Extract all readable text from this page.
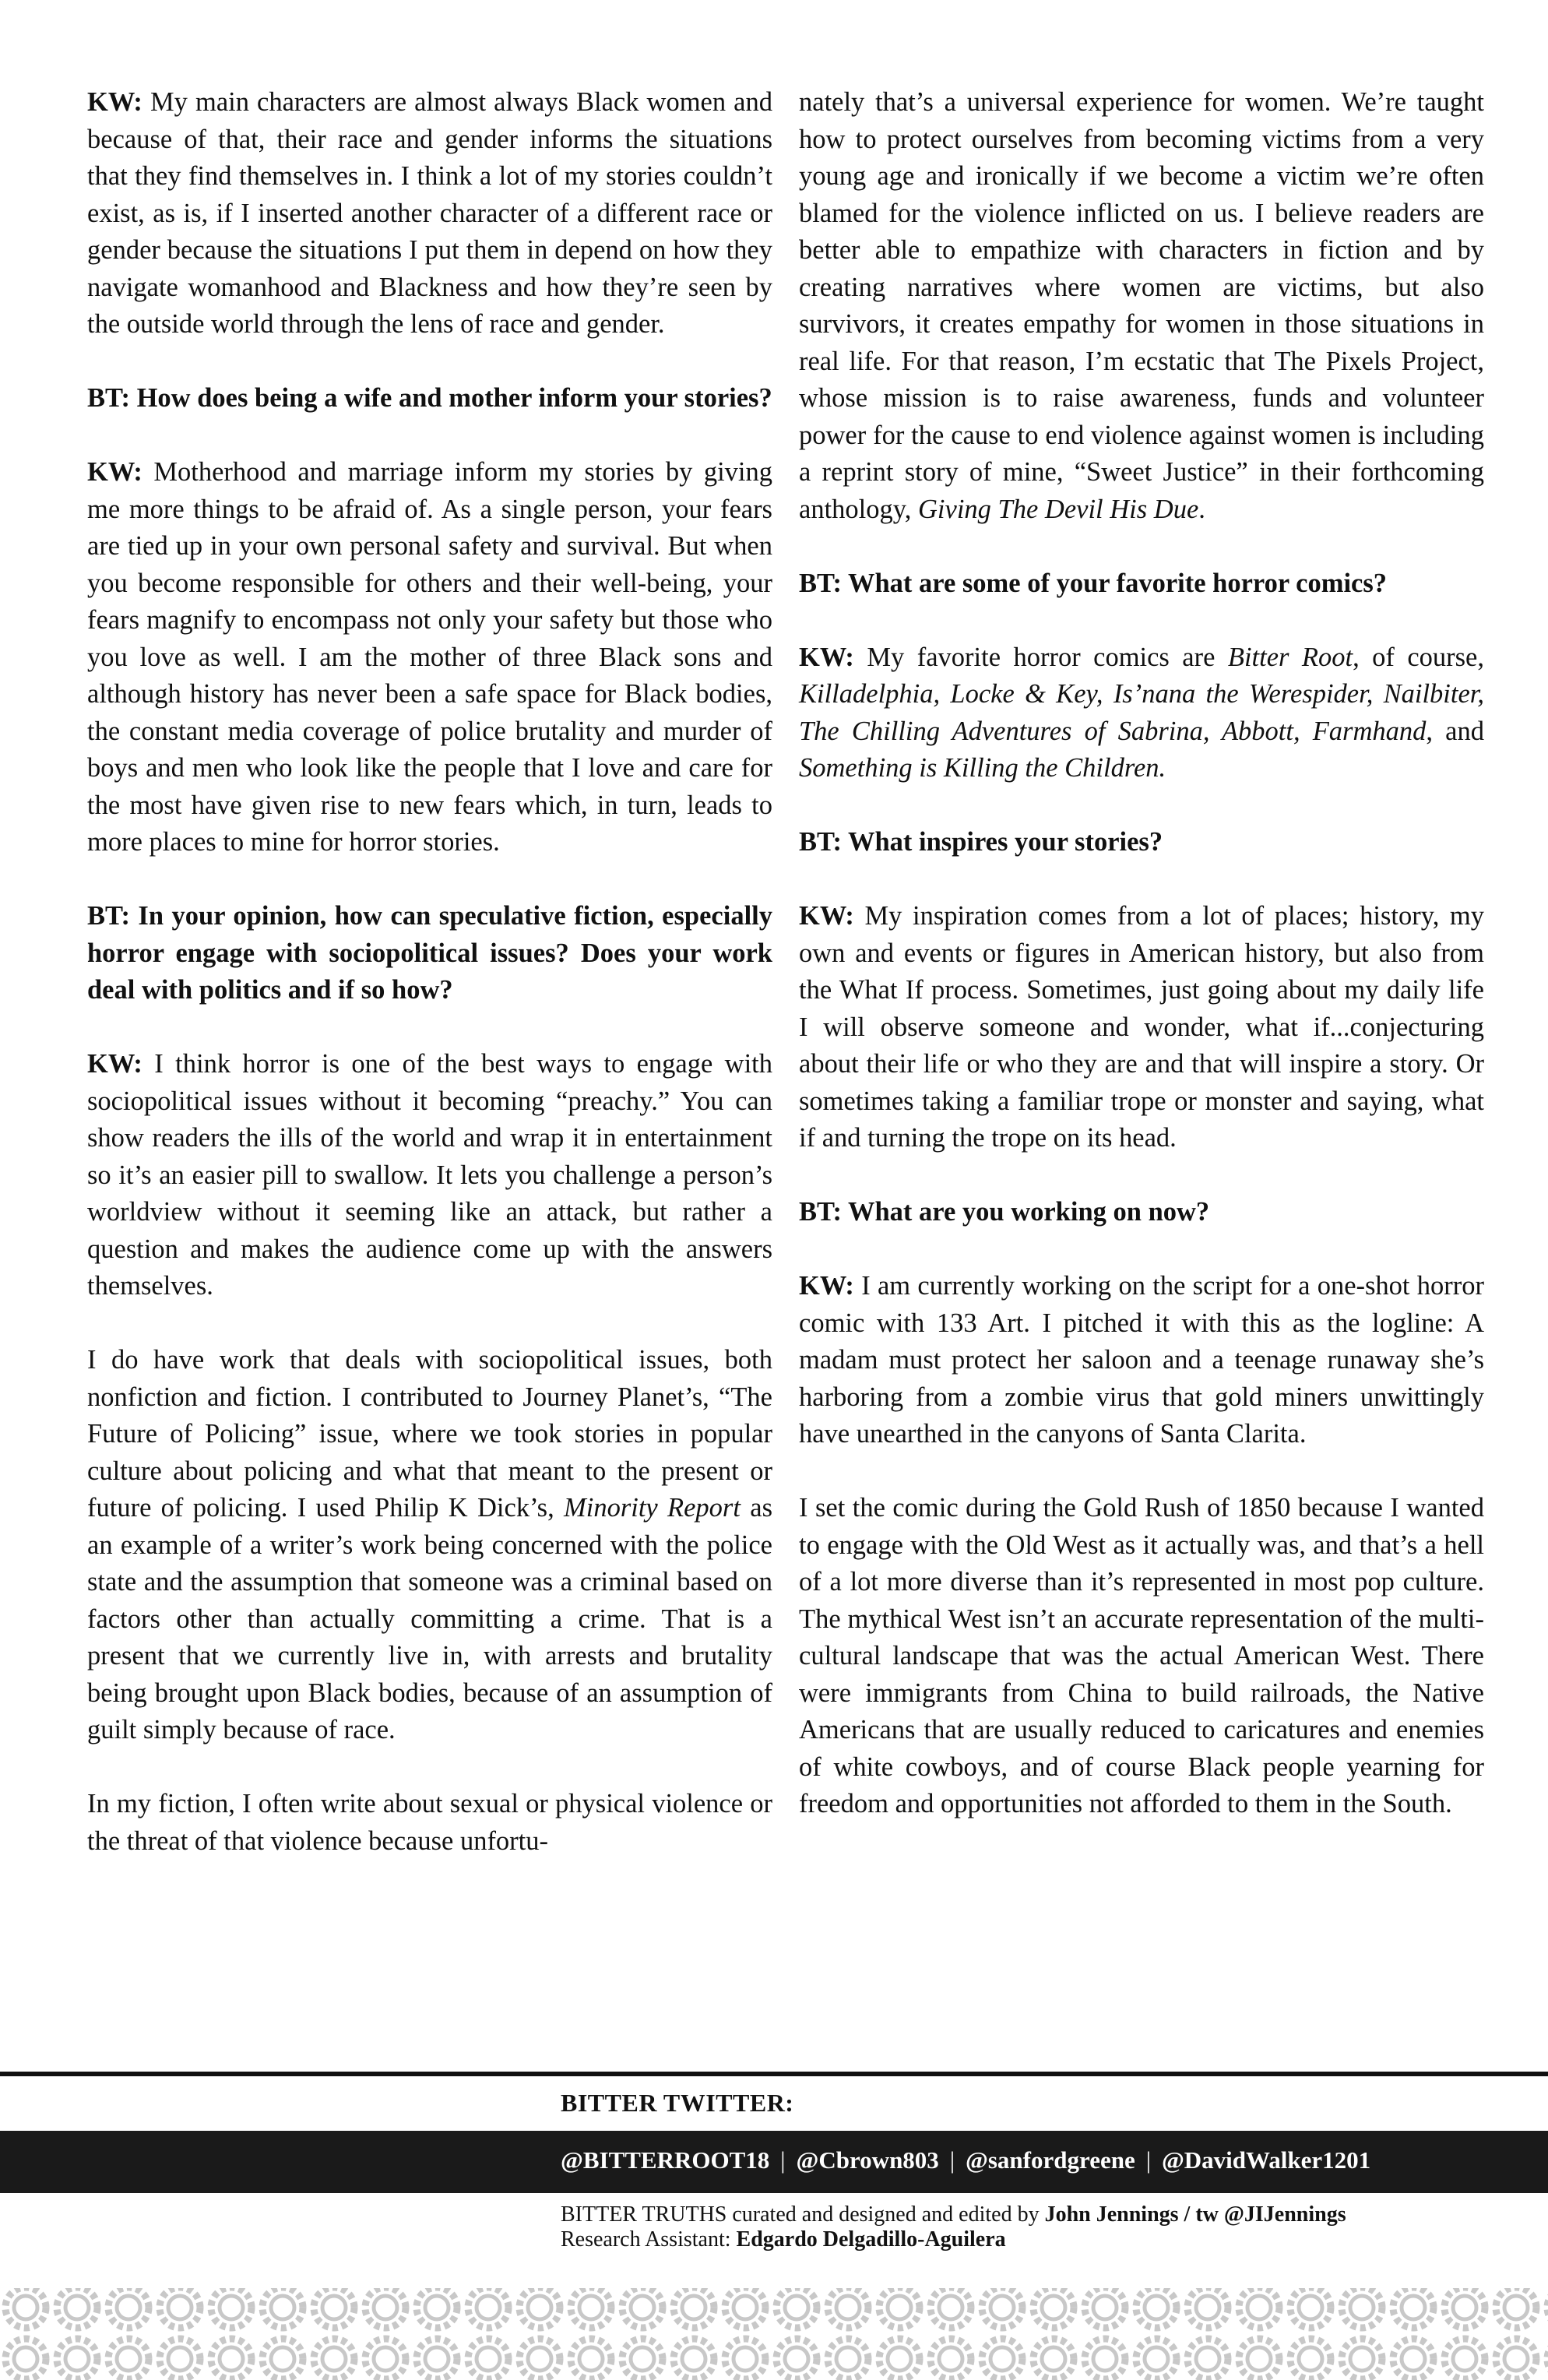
KW: My main characters are almost always Black women and because of that, their race and gender informs the situations that they find themselves in. I think a lot of my stories couldn’t exist, as is, if I inserted another character of a different race or gender because the situations I put them in depend on how they navigate womanhood and Blackness and how they’re seen by the outside world through the lens of race and gender.

BT: How does being a wife and mother inform your stories?

KW: Motherhood and marriage inform my stories by giving me more things to be afraid of. As a single person, your fears are tied up in your own personal safety and survival. But when you become responsible for others and their well-being, your fears magnify to encompass not only your safety but those who you love as well. I am the mother of three Black sons and although history has never been a safe space for Black bodies, the constant media coverage of police brutality and murder of boys and men who look like the people that I love and care for the most have given rise to new fears which, in turn, leads to more places to mine for horror stories.

BT: In your opinion, how can speculative fiction, especially horror engage with sociopolitical issues? Does your work deal with politics and if so how?

KW: I think horror is one of the best ways to engage with sociopolitical issues without it becoming “preachy.” You can show readers the ills of the world and wrap it in entertainment so it’s an easier pill to swallow. It lets you challenge a person’s worldview without it seeming like an attack, but rather a question and makes the audience come up with the answers themselves.

I do have work that deals with sociopolitical issues, both nonfiction and fiction. I contributed to Journey Planet’s, “The Future of Policing” issue, where we took stories in popular culture about policing and what that meant to the present or future of policing. I used Philip K Dick’s, Minority Report as an example of a writer’s work being concerned with the police state and the assumption that someone was a criminal based on factors other than actually committing a crime. That is a present that we currently live in, with arrests and brutality being brought upon Black bodies, because of an assumption of guilt simply because of race.

In my fiction, I often write about sexual or physical violence or the threat of that violence because unfortu-

nately that’s a universal experience for women. We’re taught how to protect ourselves from becoming victims from a very young age and ironically if we become a victim we’re often blamed for the violence inflicted on us. I believe readers are better able to empathize with characters in fiction and by creating narratives where women are victims, but also survivors, it creates empathy for women in those situations in real life. For that reason, I’m ecstatic that The Pixels Project, whose mission is to raise awareness, funds and volunteer power for the cause to end violence against women is including a reprint story of mine, “Sweet Justice” in their forthcoming anthology, Giving The Devil His Due.

BT: What are some of your favorite horror comics?

KW: My favorite horror comics are Bitter Root, of course, Killadelphia, Locke & Key, Is’nana the Werespider, Nailbiter, The Chilling Adventures of Sabrina, Abbott, Farmhand, and Something is Killing the Children.

BT: What inspires your stories?

KW: My inspiration comes from a lot of places; history, my own and events or figures in American history, but also from the What If process. Sometimes, just going about my daily life I will observe someone and wonder, what if...conjecturing about their life or who they are and that will inspire a story. Or sometimes taking a familiar trope or monster and saying, what if and turning the trope on its head.

BT: What are you working on now?

KW: I am currently working on the script for a one-shot horror comic with 133 Art. I pitched it with this as the logline: A madam must protect her saloon and a teenage runaway she’s harboring from a zombie virus that gold miners unwittingly have unearthed in the canyons of Santa Clarita.

I set the comic during the Gold Rush of 1850 because I wanted to engage with the Old West as it actually was, and that’s a hell of a lot more diverse than it’s represented in most pop culture. The mythical West isn’t an accurate representation of the multi-cultural landscape that was the actual American West. There were immigrants from China to build railroads, the Native Americans that are usually reduced to caricatures and enemies of white cowboys, and of course Black people yearning for freedom and opportunities not afforded to them in the South.

BITTER TWITTER:
@BITTERROOT18 | @Cbrown803 | @sanfordgreene | @DavidWalker1201
BITTER TRUTHS curated and designed and edited by John Jennings / tw @JIJennings
Research Assistant: Edgardo Delgadillo-Aguilera
